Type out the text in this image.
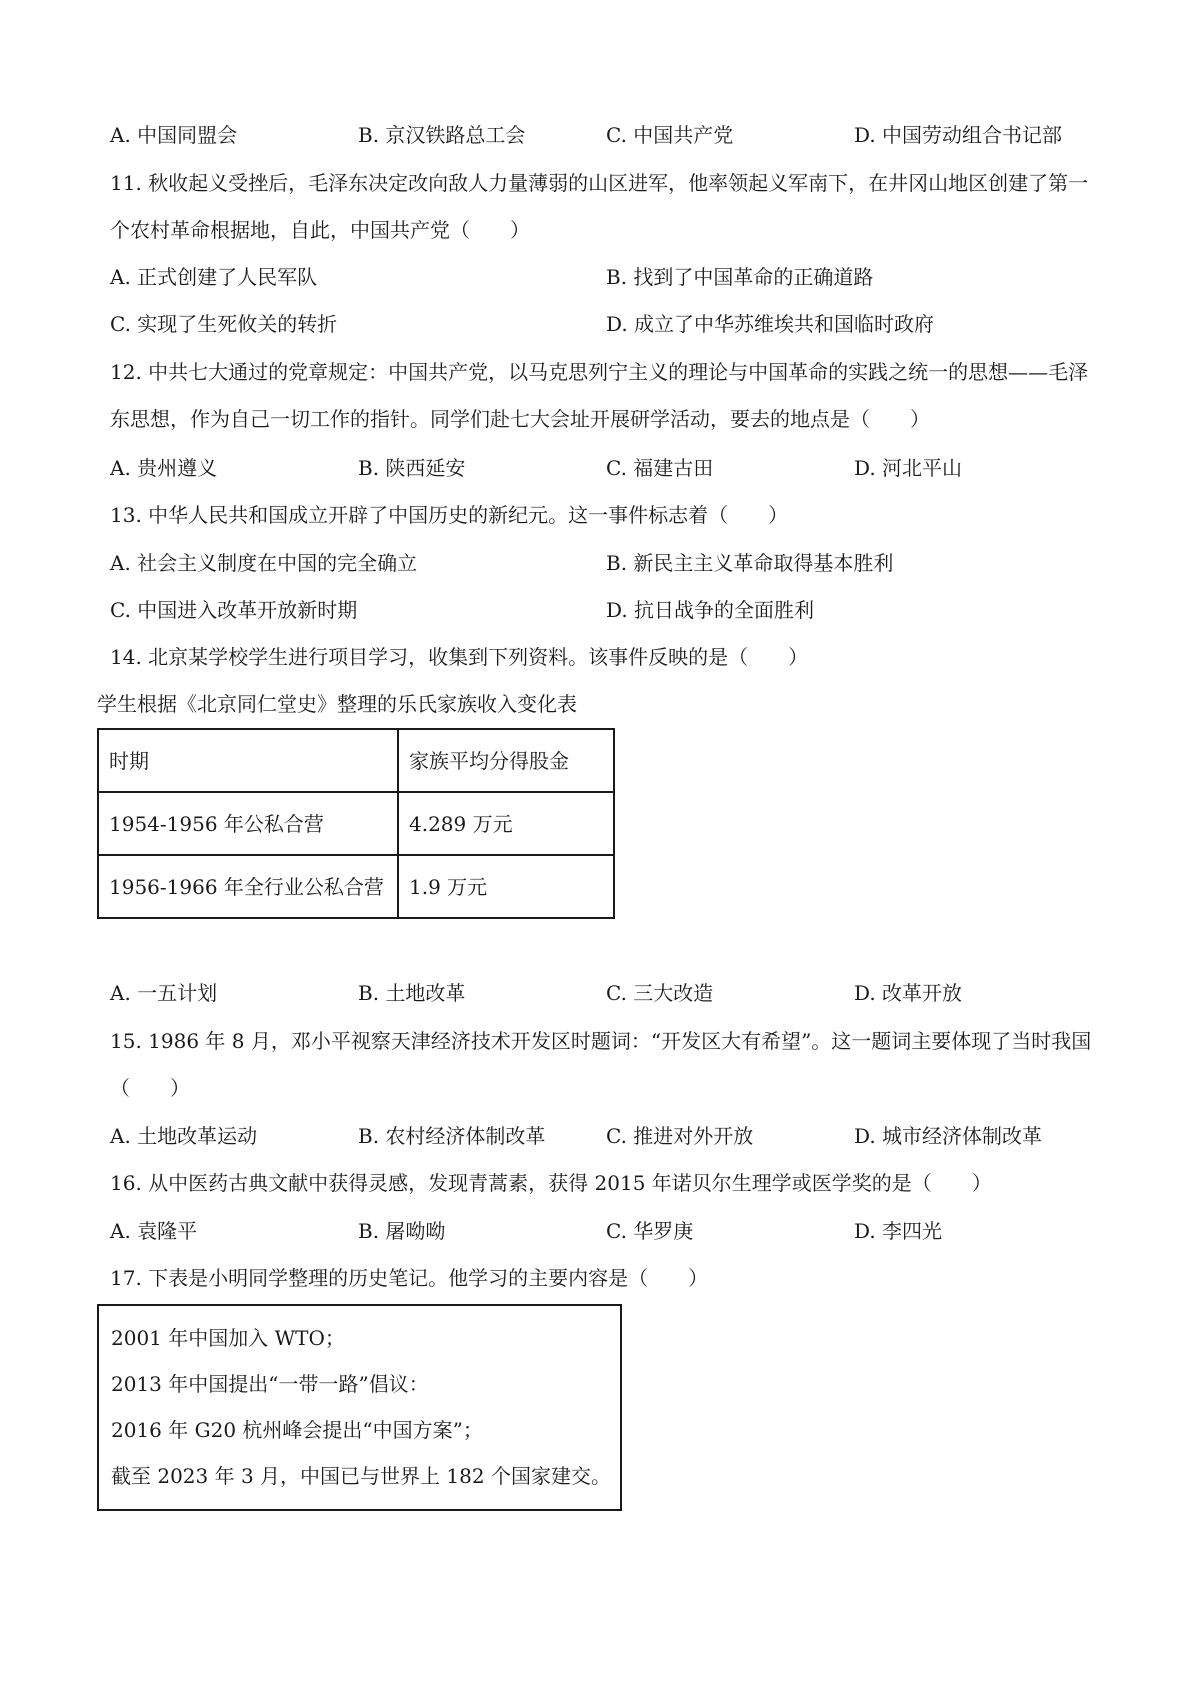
A. 中国同盟会	B. 京汉铁路总工会	C. 中国共产党	D. 中国劳动组合书记部
11. 秋收起义受挫后，毛泽东决定改向敌人力量薄弱的山区进军，他率领起义军南下，在井冈山地区创建了第一个农村革命根据地，自此，中国共产党（　　）
A. 正式创建了人民军队	B. 找到了中国革命的正确道路
C. 实现了生死攸关的转折	D. 成立了中华苏维埃共和国临时政府
12. 中共七大通过的党章规定：中国共产党，以马克思列宁主义的理论与中国革命的实践之统一的思想——毛泽东思想，作为自己一切工作的指针。同学们赴七大会址开展研学活动，要去的地点是（　　）
A. 贵州遵义	B. 陕西延安	C. 福建古田	D. 河北平山
13. 中华人民共和国成立开辟了中国历史的新纪元。这一事件标志着（　　）
A. 社会主义制度在中国的完全确立	B. 新民主主义革命取得基本胜利
C. 中国进入改革开放新时期	D. 抗日战争的全面胜利
14. 北京某学校学生进行项目学习，收集到下列资料。该事件反映的是（　　）
学生根据《北京同仁堂史》整理的乐氏家族收入变化表
时期	家族平均分得股金
1954-1956 年公私合营	4.289 万元
1956-1966 年全行业公私合营	1.9 万元
A. 一五计划	B. 土地改革	C. 三大改造	D. 改革开放
15. 1986 年 8 月，邓小平视察天津经济技术开发区时题词：“开发区大有希望”。这一题词主要体现了当时我国（　　）
A. 土地改革运动	B. 农村经济体制改革	C. 推进对外开放	D. 城市经济体制改革
16. 从中医药古典文献中获得灵感，发现青蒿素，获得 2015 年诺贝尔生理学或医学奖的是（　　）
A. 袁隆平	B. 屠呦呦	C. 华罗庚	D. 李四光
17. 下表是小明同学整理的历史笔记。他学习的主要内容是（　　）
2001 年中国加入 WTO；
2013 年中国提出“一带一路”倡议：
2016 年 G20 杭州峰会提出“中国方案”；
截至 2023 年 3 月，中国已与世界上 182 个国家建交。
